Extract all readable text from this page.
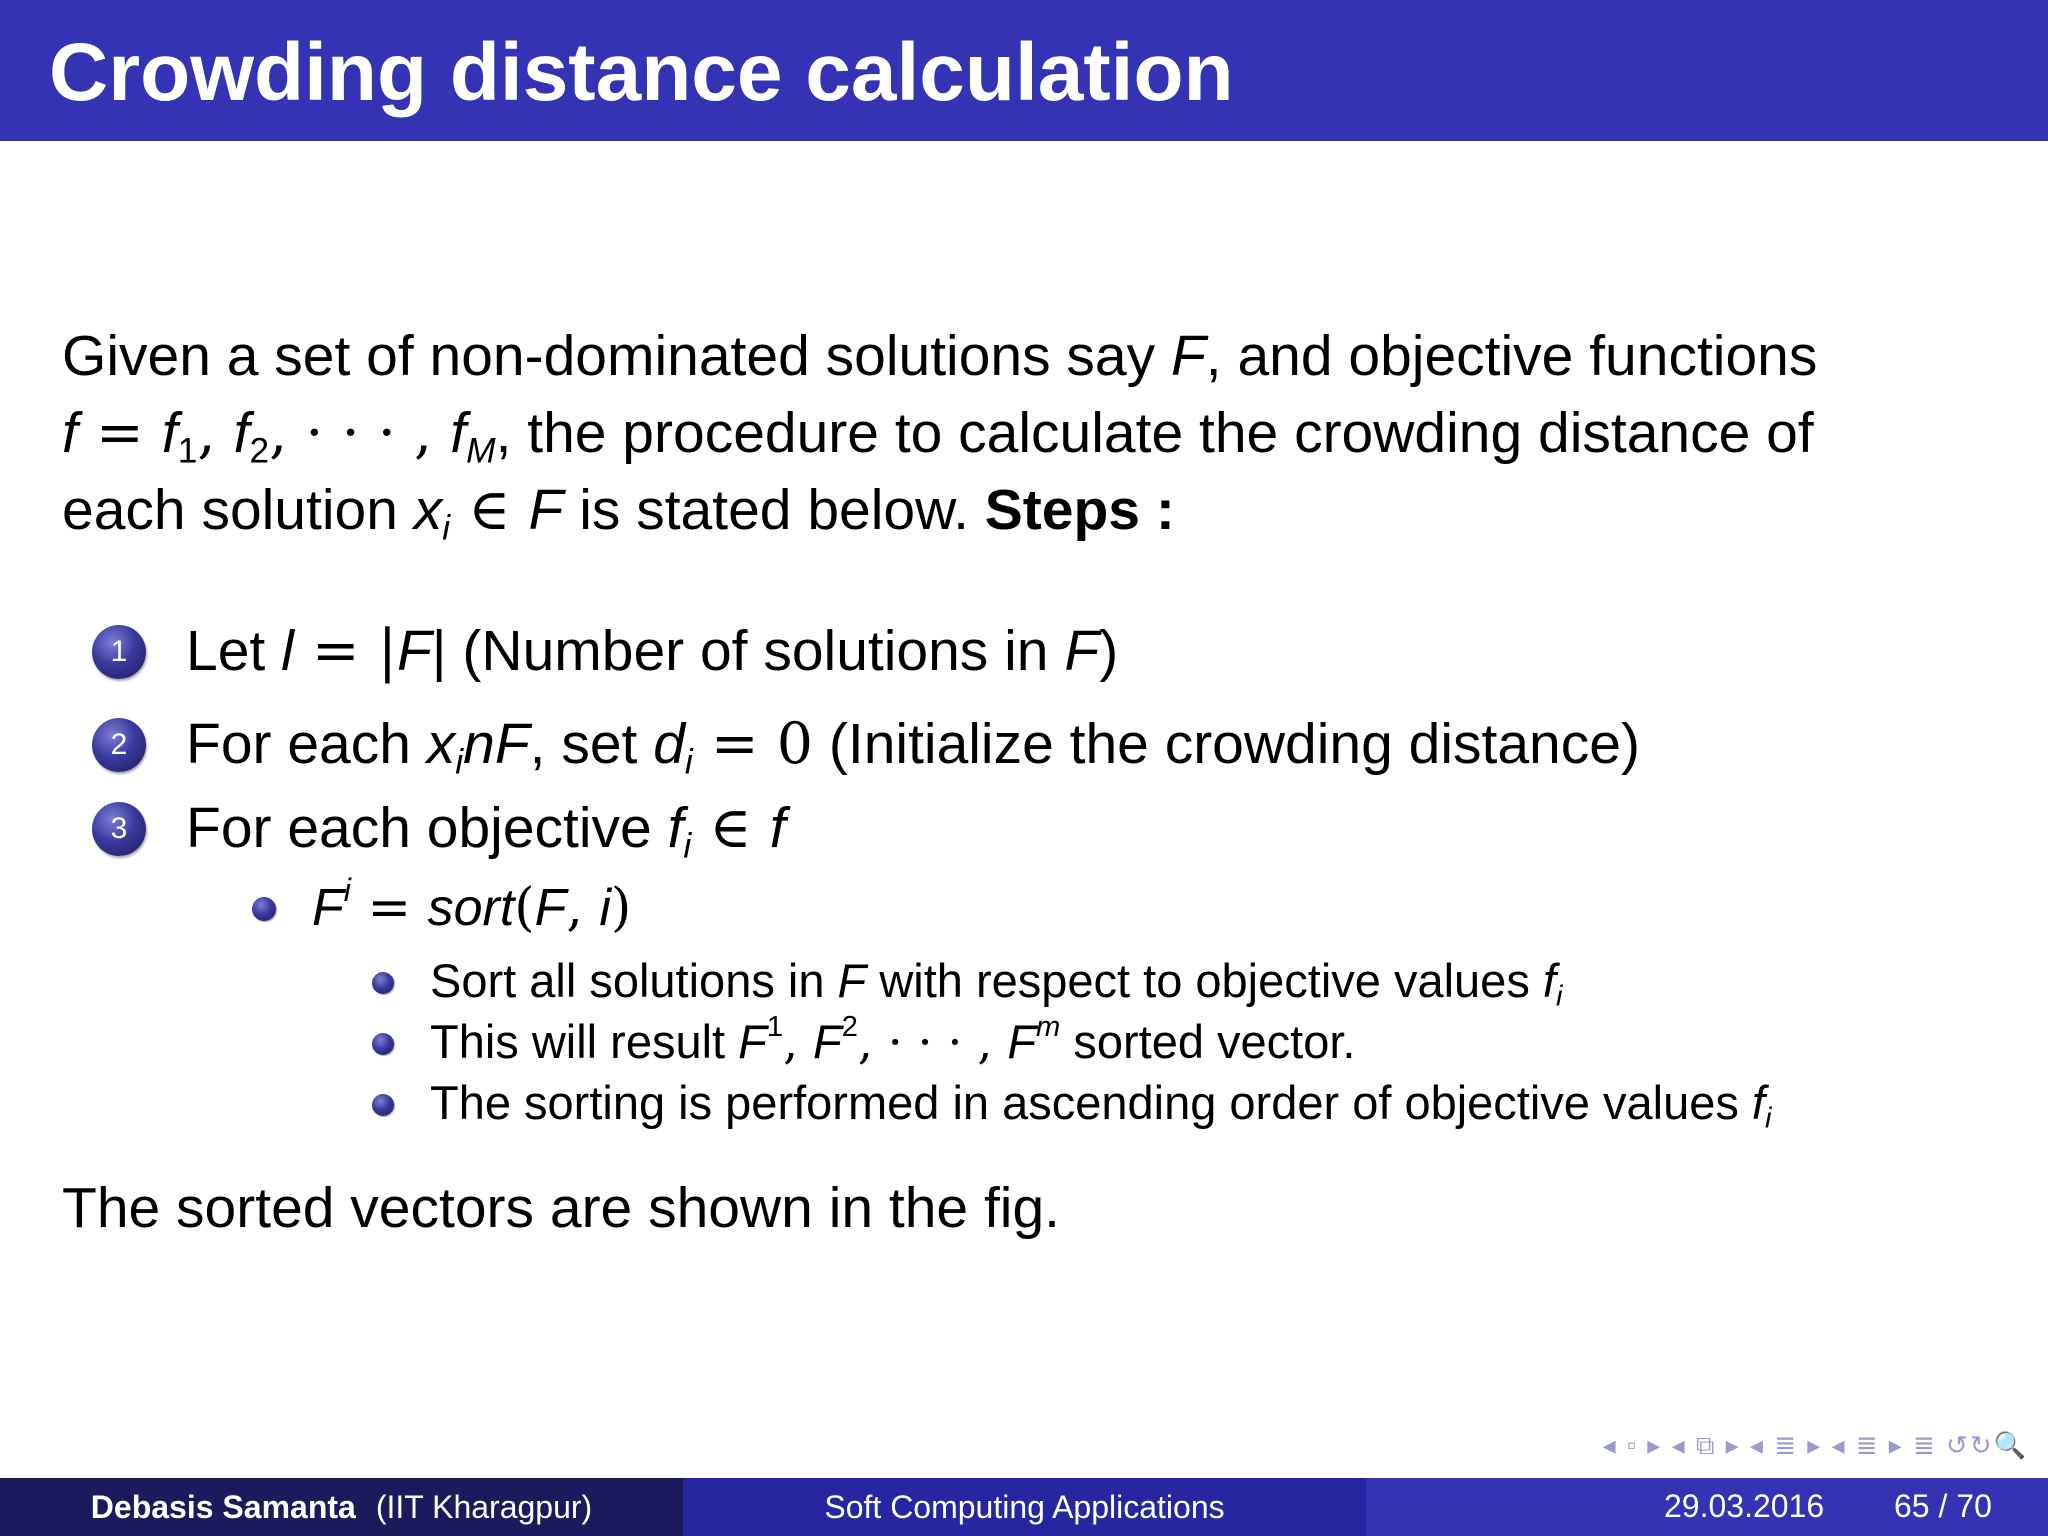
Crowding distance calculation
Given a set of non-dominated solutions say F, and objective functions
$f = f_1$, $f_2$, · · · , $f_M$, the procedure to calculate the crowding distance of
each solution $x_i$ ∈ F is stated below. Steps :
1	Let l = |F| (Number of solutions in F)
2	For each $x_inF$, set $d_i = 0$ (Initialize the crowding distance)
3	For each objective $f_i$ ∈ f
$F^i$ = sort(F, i)
Sort all solutions in F with respect to objective values $f_i$
This will result $F^1$, $F^2$, · · · , $F^m$ sorted vector.
The sorting is performed in ascending order of objective values $f_i$
The sorted vectors are shown in the fig.
◂ ▫ ▸ ◂ ⧉ ▸ ◂ ≣ ▸ ◂ ≣ ▸ ≣ ↺↻🔍
Debasis Samanta (IIT Kharagpur)	Soft Computing Applications	29.03.2016 65 / 70
